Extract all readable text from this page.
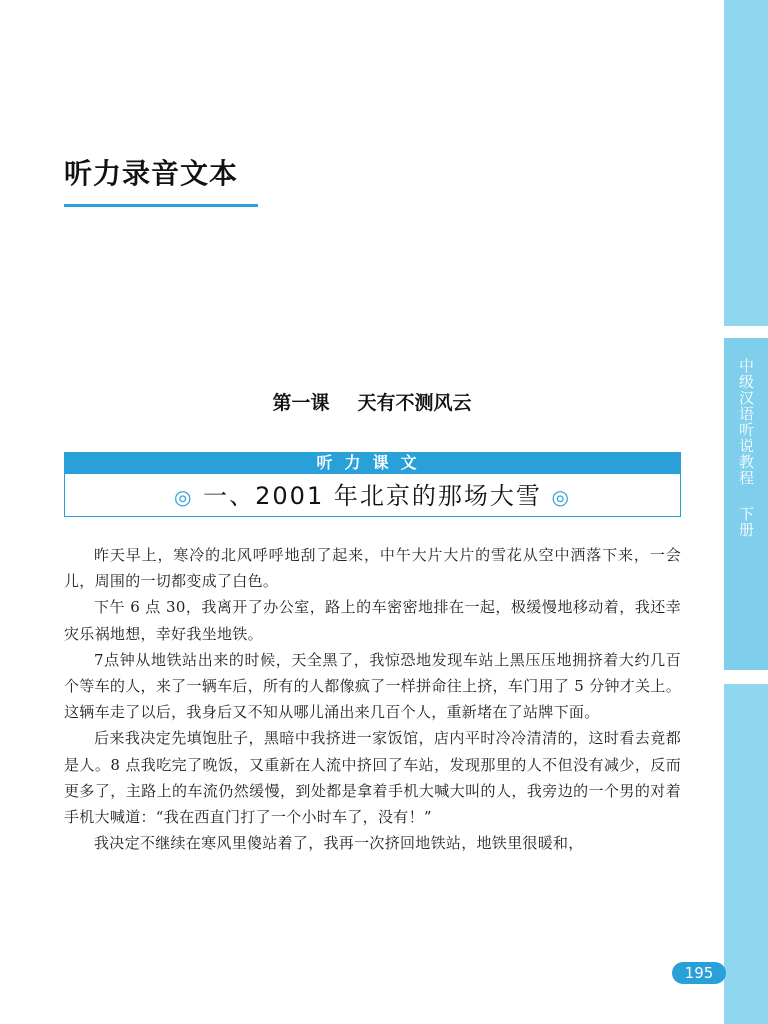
中级汉语听说教程 下册
听力录音文本
第一课 天有不测风云
听力课文
◎ 一、2001 年北京的那场大雪 ◎

昨天早上，寒冷的北风呼呼地刮了起来，中午大片大片的雪花从空中洒落下来，一会儿，周围的一切都变成了白色。

下午 6 点 30，我离开了办公室，路上的车密密地排在一起，极缓慢地移动着，我还幸灾乐祸地想，幸好我坐地铁。

7点钟从地铁站出来的时候，天全黑了，我惊恐地发现车站上黑压压地拥挤着大约几百个等车的人，来了一辆车后，所有的人都像疯了一样拼命往上挤，车门用了 5 分钟才关上。这辆车走了以后，我身后又不知从哪儿涌出来几百个人，重新堵在了站牌下面。

后来我决定先填饱肚子，黑暗中我挤进一家饭馆，店内平时冷冷清清的，这时看去竟都是人。8 点我吃完了晚饭，又重新在人流中挤回了车站，发现那里的人不但没有减少，反而更多了，主路上的车流仍然缓慢，到处都是拿着手机大喊大叫的人，我旁边的一个男的对着手机大喊道：“我在西直门打了一个小时车了，没有！”

我决定不继续在寒风里傻站着了，我再一次挤回地铁站，地铁里很暖和，

195
